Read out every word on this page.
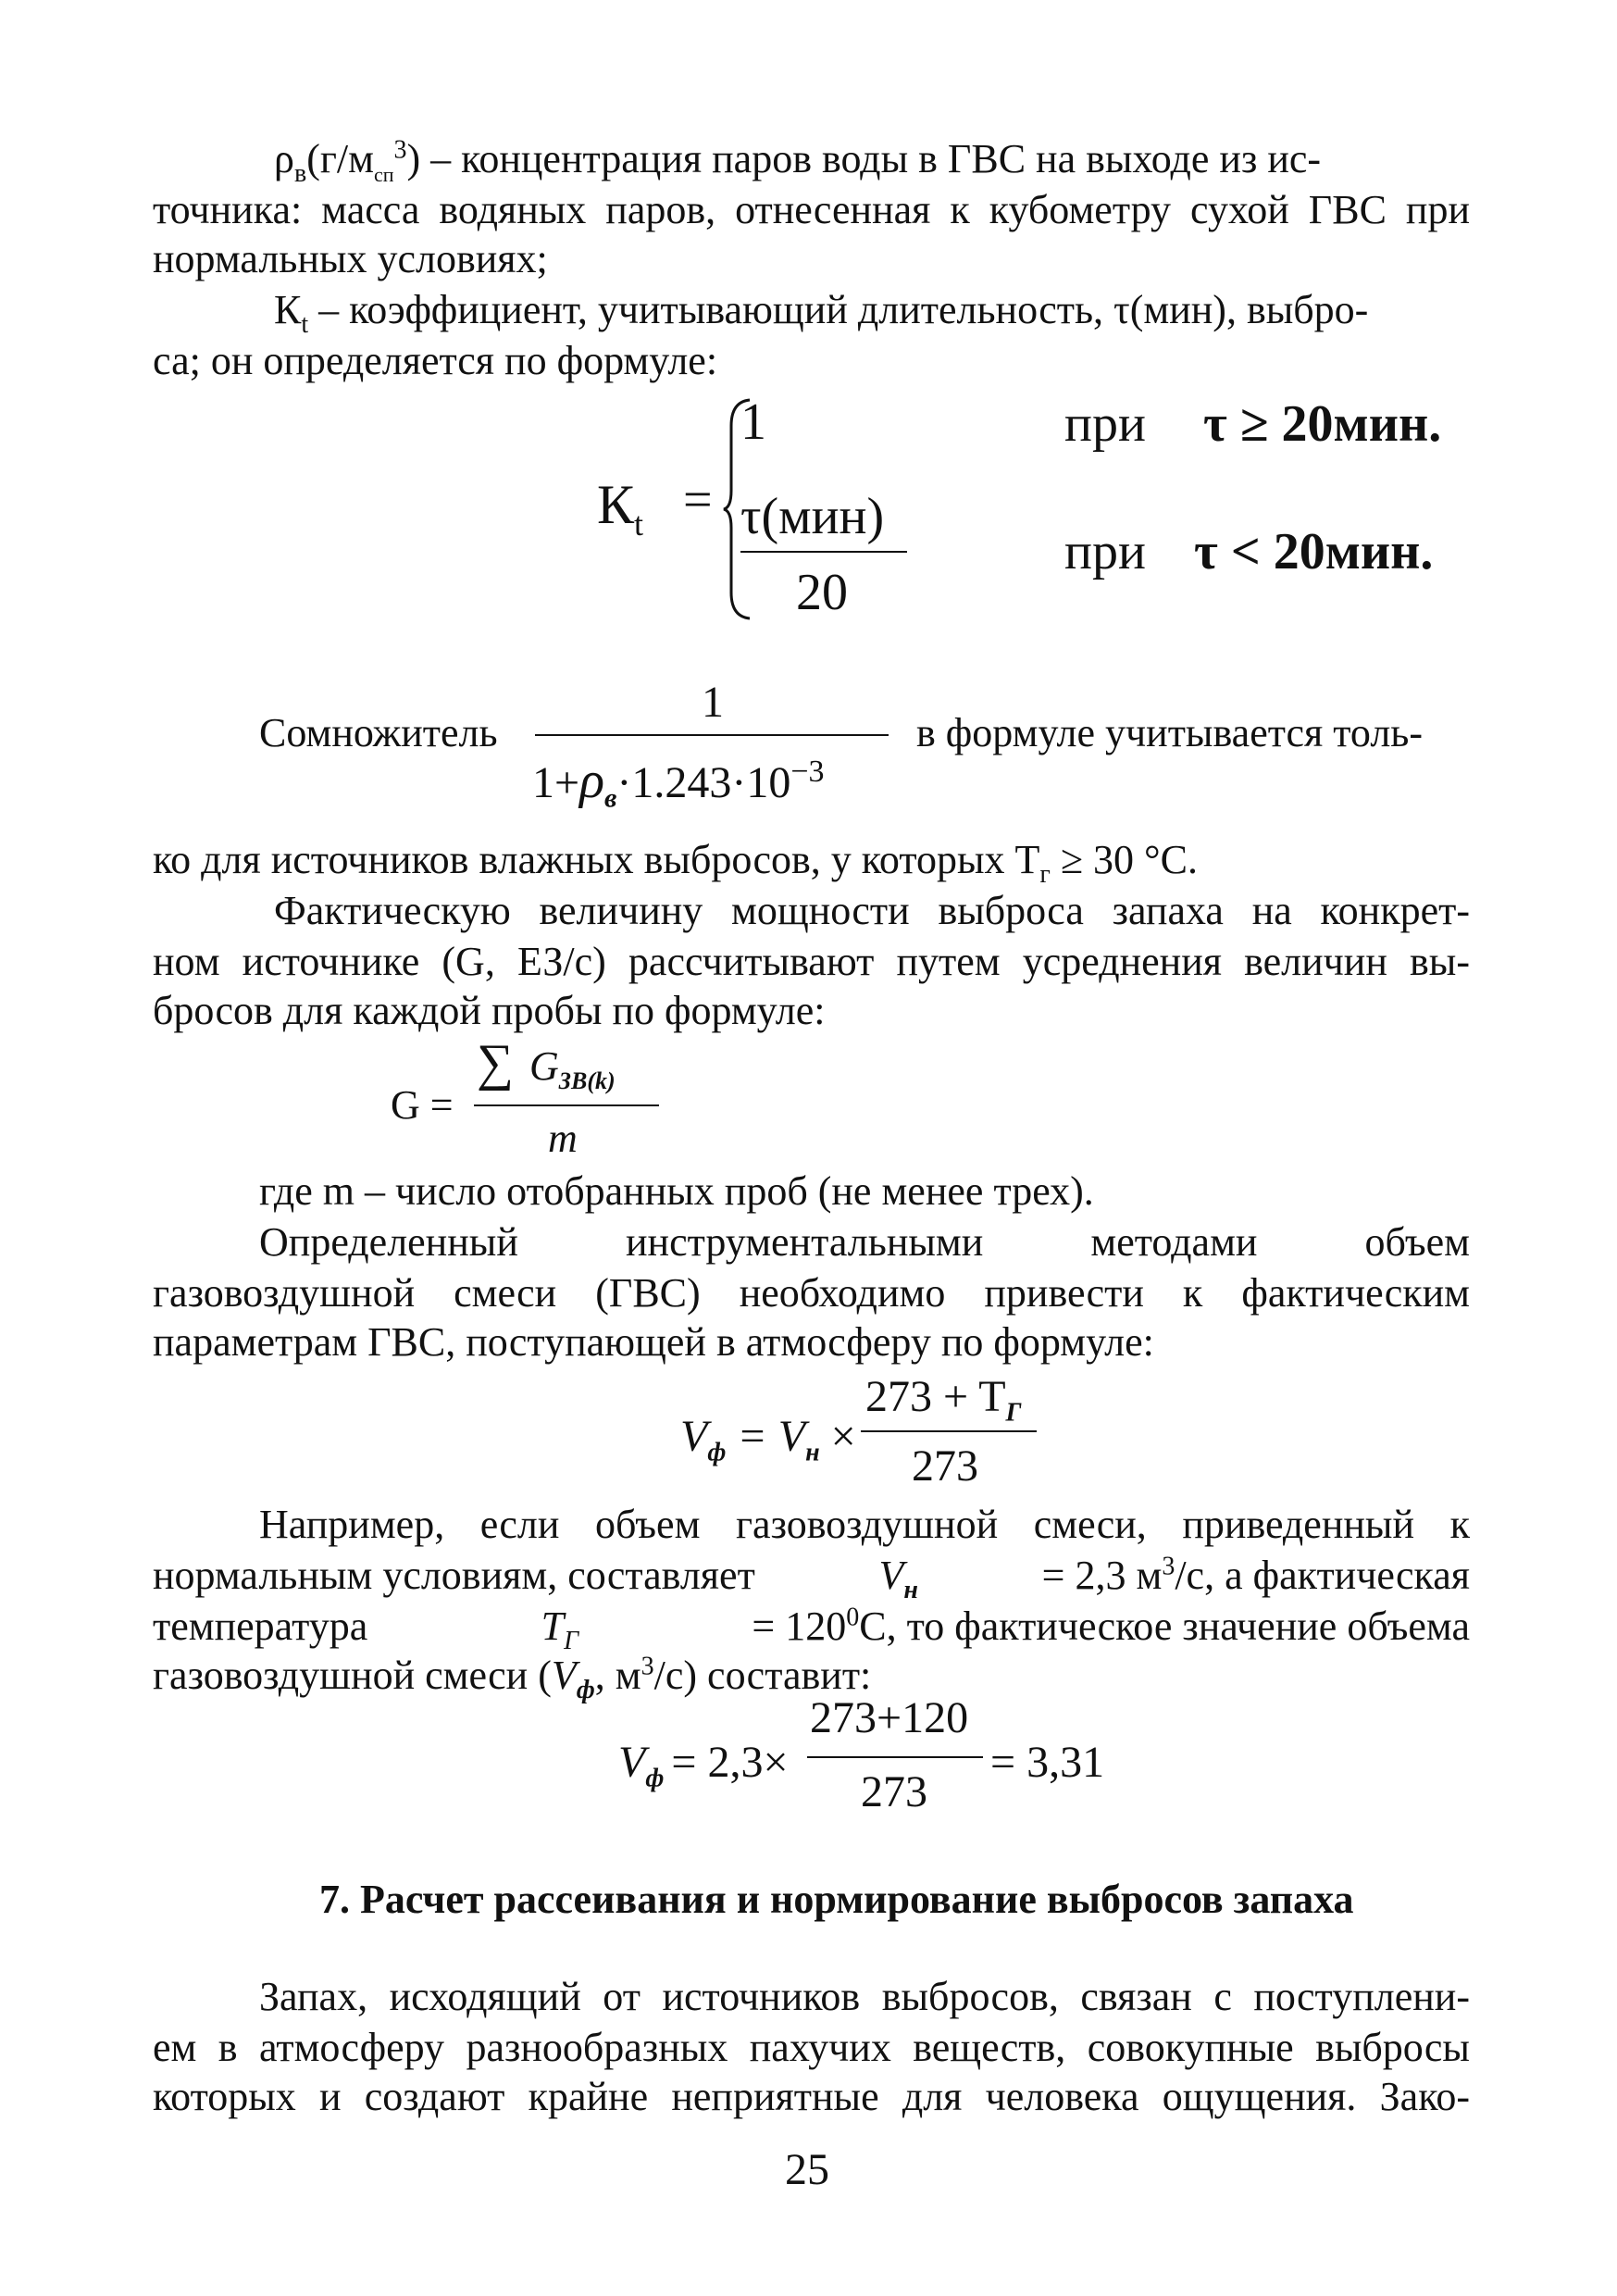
$\rho_в(г/м_{сп}^3)$ – концентрация паров воды в ГВС на выходе из ис-
точника: масса водяных паров, отнесенная к кубометру сухой ГВС при
нормальных условиях;
$К_t$ – коэффициент, учитывающий длительность, τ(мин), выбро-
са; он определяется по формуле:
$К_t$ =
1	при τ ≥ 20мин.
τ(мин)
20
при τ < 20мин.
Сомножитель
1
$1+\rho_в\cdot 1.243\cdot 10^{-3}$
в формуле учитывается толь-
ко для источников влажных выбросов, у которых $Т_г \ge 30$ °С.
Фактическую величину мощности выброса запаха на конкрет-
ном источнике (G, ЕЗ/с) рассчитывают путем усреднения величин вы-
бросов для каждой пробы по формуле:
G =
∑ $G_{ЗВ(k)}$
m
где m – число отобранных проб (не менее трех).
Определенный	инструментальными	методами	объем
газовоздушной смеси (ГВС) необходимо привести к фактическим
параметрам ГВС, поступающей в атмосферу по формуле:
$V_ф = V_н$ ×
$273 + T_Г$
273
Например, если объем газовоздушной смеси, приведенный к
нормальным условиям, составляет	$V_н$	= 2,3 $м^3/с$, а фактическая
температура	$Т_Г$	= $120^0С$, то фактическое значение объема
газовоздушной смеси ($V_ф$, $м^3/с$) составит:
$V_ф = 2,3\times$
273+120
273
= 3,31
7. Расчет рассеивания и нормирование выбросов запаха
Запах, исходящий от источников выбросов, связан с поступлени-
ем в атмосферу разнообразных пахучих веществ, совокупные выбросы
которых и создают крайне неприятные для человека ощущения. Зако-
25
